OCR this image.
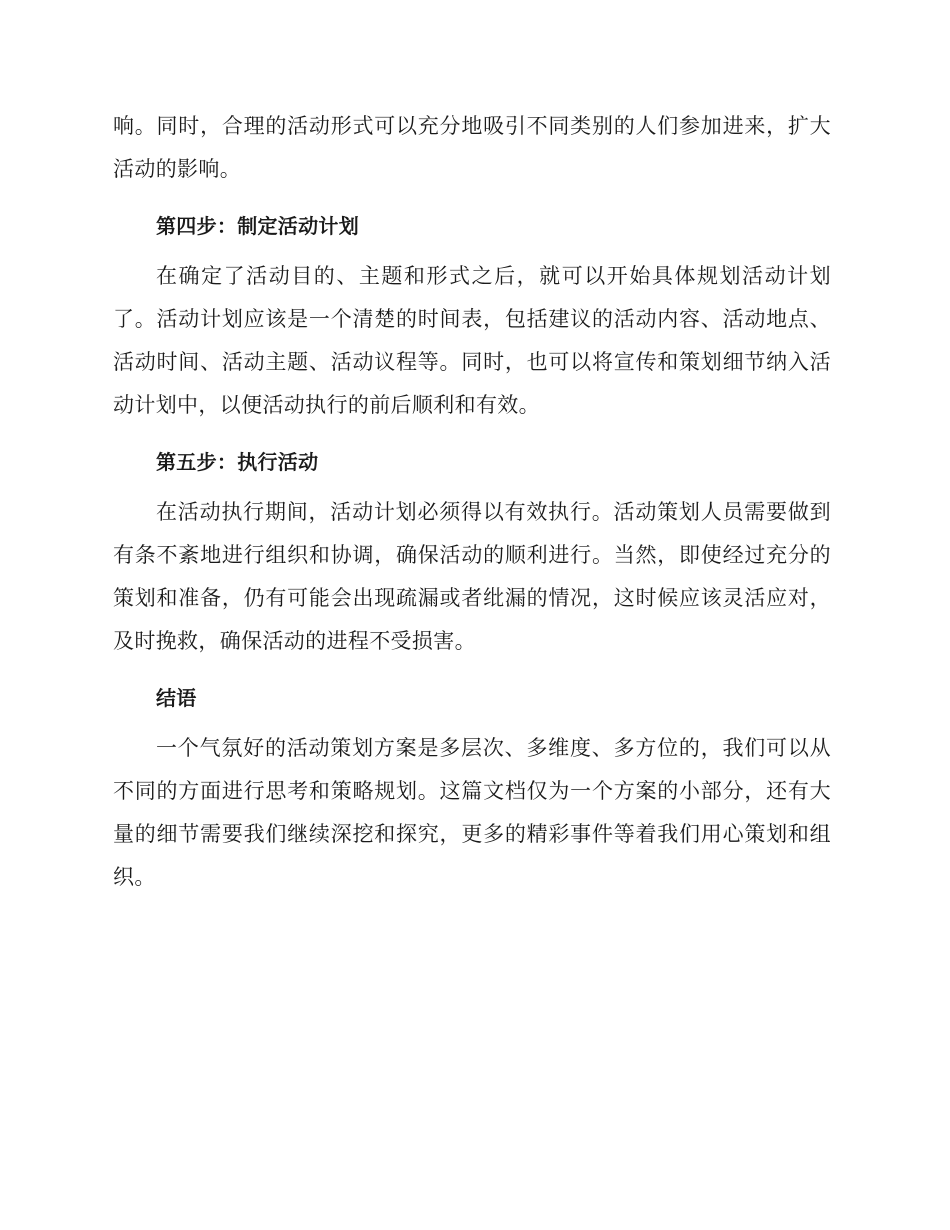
响。同时，合理的活动形式可以充分地吸引不同类别的人们参加进来，扩大活动的影响。

第四步：制定活动计划

在确定了活动目的、主题和形式之后，就可以开始具体规划活动计划了。活动计划应该是一个清楚的时间表，包括建议的活动内容、活动地点、活动时间、活动主题、活动议程等。同时，也可以将宣传和策划细节纳入活动计划中，以便活动执行的前后顺利和有效。

第五步：执行活动

在活动执行期间，活动计划必须得以有效执行。活动策划人员需要做到有条不紊地进行组织和协调，确保活动的顺利进行。当然，即使经过充分的策划和准备，仍有可能会出现疏漏或者纰漏的情况，这时候应该灵活应对，及时挽救，确保活动的进程不受损害。

结语

一个气氛好的活动策划方案是多层次、多维度、多方位的，我们可以从不同的方面进行思考和策略规划。这篇文档仅为一个方案的小部分，还有大量的细节需要我们继续深挖和探究，更多的精彩事件等着我们用心策划和组织。
